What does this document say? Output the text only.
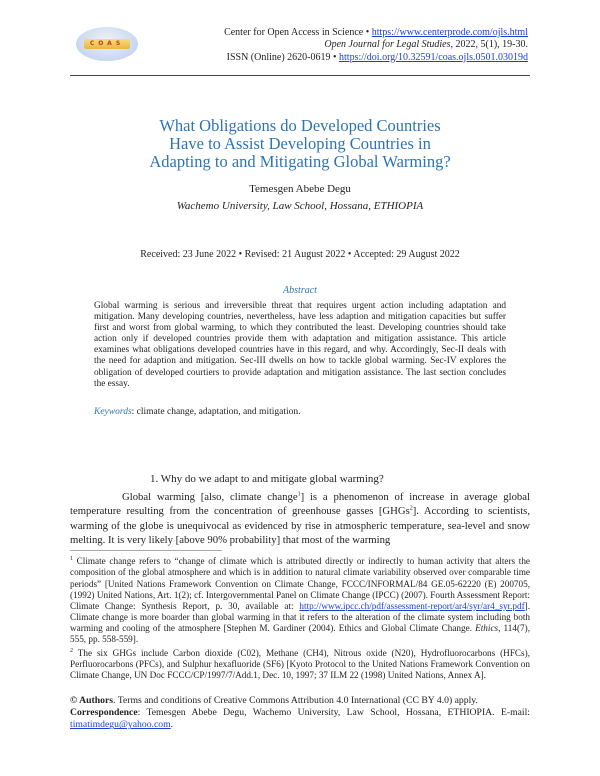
COAS
Center for Open Access in Science • https://www.centerprode.com/ojls.html
Open Journal for Legal Studies, 2022, 5(1), 19-30.
ISSN (Online) 2620-0619 • https://doi.org/10.32591/coas.ojls.0501.03019d
What Obligations do Developed Countries
Have to Assist Developing Countries in
Adapting to and Mitigating Global Warming?
Temesgen Abebe Degu
Wachemo University, Law School, Hossana, ETHIOPIA
Received: 23 June 2022 • Revised: 21 August 2022 • Accepted: 29 August 2022
Abstract
Global warming is serious and irreversible threat that requires urgent action including adaptation and mitigation. Many developing countries, nevertheless, have less adaption and mitigation capacities but suffer first and worst from global warming, to which they contributed the least. Developing countries should take action only if developed countries provide them with adaptation and mitigation assistance. This article examines what obligations developed countries have in this regard, and why. Accordingly, Sec-II deals with the need for adaption and mitigation. Sec-III dwells on how to tackle global warming. Sec-IV explores the obligation of developed courtiers to provide adaptation and mitigation assistance. The last section concludes the essay.
Keywords: climate change, adaptation, and mitigation.
1. Why do we adapt to and mitigate global warming?
Global warming [also, climate change$^1$] is a phenomenon of increase in average global temperature resulting from the concentration of greenhouse gasses [GHGs$^2$]. According to scientists, warming of the globe is unequivocal as evidenced by rise in atmospheric temperature, sea-level and snow melting. It is very likely [above 90% probability] that most of the warming
$^1$ Climate change refers to “change of climate which is attributed directly or indirectly to human activity that alters the composition of the global atmosphere and which is in addition to natural climate variability observed over comparable time periods” [United Nations Framework Convention on Climate Change, FCCC/INFORMAL/84 GE.05-62220 (E) 200705, (1992) United Nations, Art. 1(2); cf. Intergovernmental Panel on Climate Change (IPCC) (2007). Fourth Assessment Report: Climate Change: Synthesis Report, p. 30, available at: http://www.ipcc.ch/pdf/assessment-report/ar4/syr/ar4_syr.pdf]. Climate change is more boarder than global warming in that it refers to the alteration of the climate system including both warming and cooling of the atmosphere [Stephen M. Gardiner (2004). Ethics and Global Climate Change. Ethics, 114(7), 555, pp. 558-559].
$^2$ The six GHGs include Carbon dioxide (C02), Methane (CH4), Nitrous oxide (N20), Hydrofluorocarbons (HFCs), Perfluorocarbons (PFCs), and Sulphur hexafluoride (SF6) [Kyoto Protocol to the United Nations Framework Convention on Climate Change, UN Doc FCCC/CP/1997/7/Add.1, Dec. 10, 1997; 37 ILM 22 (1998) United Nations, Annex A].
© Authors. Terms and conditions of Creative Commons Attribution 4.0 International (CC BY 4.0) apply.
Correspondence: Temesgen Abebe Degu, Wachemo University, Law School, Hossana, ETHIOPIA. E-mail: timatimdegu@yahoo.com.
